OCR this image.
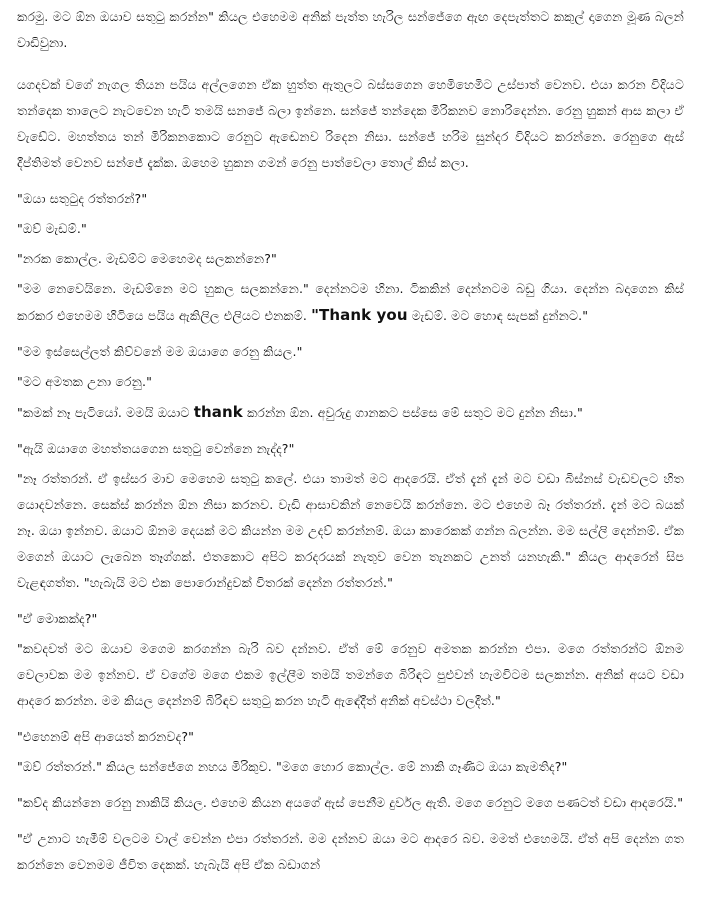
කරමු. මට ඕන ඔයාව සතුටු කරන්න" කියල එහෙමම අනික් පැත්ත හැරිල සන්ජේගෙ ඇඟ දෙපැත්තට කකුල් දාගෙන මූණ බලන් වාඩිවුනා.

යගදවක් වගේ නැගල තියන පයිය අල්ලගෙන ඒක හුත්ත ඇතුලට බස්සගෙන හෙමිහෙමිට උස්පාත් වෙනව. එයා කරන විදියට තන්දෙක තාලෙට නැටවෙන හැටි තමයි සනජේ බලා ඉන්නෙ. සන්ජේ තන්දෙක මිරිකනව නොරිදෙන්න. රෙනු හුකන් ආස කලා ඒ වැඩේට. මහත්තය තන් මිරිකනකොට රෙනුට ඇඬෙනව රිදෙන නිසා. සන්ජේ හරිම සුන්දර විදියට කරන්නෙ. රෙනුගෙ ඇස් දීප්තිමත් වෙනව සන්ජේ දැක්ක. ඔහෙම හුකන ගමන් රෙනු පාත්වෙලා තොල් කිස් කලා.

"ඔයා සතුටුද රත්තරන්?"

"ඔව් මැඩම්."

"නරක කොල්ල. මැඩම්ට මෙහෙමද සලකන්නෙ?"

"මම නෙවෙයිනෙ. මැඩම්නෙ මට හුකල සලකන්නෙ." දෙන්නටම හිනා. ටිකකින් දෙන්නටම බඩු ගියා. දෙන්න බදාගෙන කිස් කරකර එහෙමම හිටියෙ පයිය ඇකිලිල එලියට එනකම්. "Thank you මැඩම්. මට හොඳ සැපක් දුන්නට."

"මම ඉස්සෙල්ලත් කිව්වනේ මම ඔයාගෙ රෙනු කියල."

"මට අමතක උනා රෙනු."

"කමක් නෑ පැටියෝ. මමයි ඔයාට thank කරන්න ඕන. අවුරුදු ගානකට පස්සෙ මේ සතුට මට දුන්න නිසා."

"ඇයි ඔයාගෙ මහත්තයගෙන සතුටු වෙන්නෙ නැද්ද?"

"නෑ රත්තරන්. ඒ ඉස්සර මාව මෙහෙම සතුටු කලේ. එයා තාමත් මට ආදරෙයි. ඒත් දැන් දැන් මට වඩා බිස්නස් වැඩවලට හිත යොදවන්නෙ. සෙක්ස් කරන්න ඕන නිසා කරනව. වැඩි ආසාවකින් නෙවෙයි කරන්නෙ. මට එහෙම බෑ රත්තරන්. දැන් මට බයක් නෑ. ඔයා ඉන්නව. ඔයාට ඕනම දෙයක් මට කියන්න මම උදව් කරන්නම්. ඔයා කාරෙකක් ගන්න බලන්න. මම සල්ලි දෙන්නම්. ඒක මගෙන් ඔයාට ලැබෙන තෑග්ගක්. එතකොට අපිට කරදරයක් නැතුව වෙන තැනකට උනත් යනහැකි." කියල ආදරෙන් සිප වැළඳගත්ත. "හැබැයි මට එක පොරොන්දුවක් විතරක් දෙන්න රත්තරන්."

"ඒ මොකක්ද?"

"කවදවත් මට ඔයාව මගෙම කරගන්න බැරි බව දන්නව. ඒත් මේ රෙනුව අමතක කරන්න එපා. මගෙ රත්තරන්ට ඕනම වෙලාවක මම ඉන්නව. ඒ වගේම මගෙ එකම ඉල්ලීම තමයි තමන්ගෙ බිරිඳට පුළුවන් හැමවිටම සලකන්න. අනික් අයට වඩා ආදරෙ කරන්න. මම කියල දෙන්නම් බිරිඳව සතුටු කරන හැටි ඇඳේදීත් අනික් අවස්ථා වලදීත්."

"එහෙනම් අපි ආයෙත් කරනවද?"

"ඔව් රත්තරන්." කියල සන්ජේගෙ නහය මිරිකුව. "මගෙ හොර කොල්ල. මේ නාකි ගෑණිට ඔයා කැමතිද?"

"කව්ද කියන්නෙ රෙනු නාකියි කියල. එහෙම කියන අයගේ ඇස් පෙනීම දුර්වල ඇති. මගෙ රෙනුට මගෙ පණටත් වඩා ආදරෙයි."

"ඒ උනාට හැමීම් වලටම වාල් වෙන්න එපා රත්තරන්. මම දන්නව ඔයා මට ආදරෙ බව. මමත් එහෙමයි. ඒත් අපි දෙන්න ගත කරන්නෙ වෙනමම ජීවිත දෙකක්. හැබැයි අපි ඒක බඩාගන්
